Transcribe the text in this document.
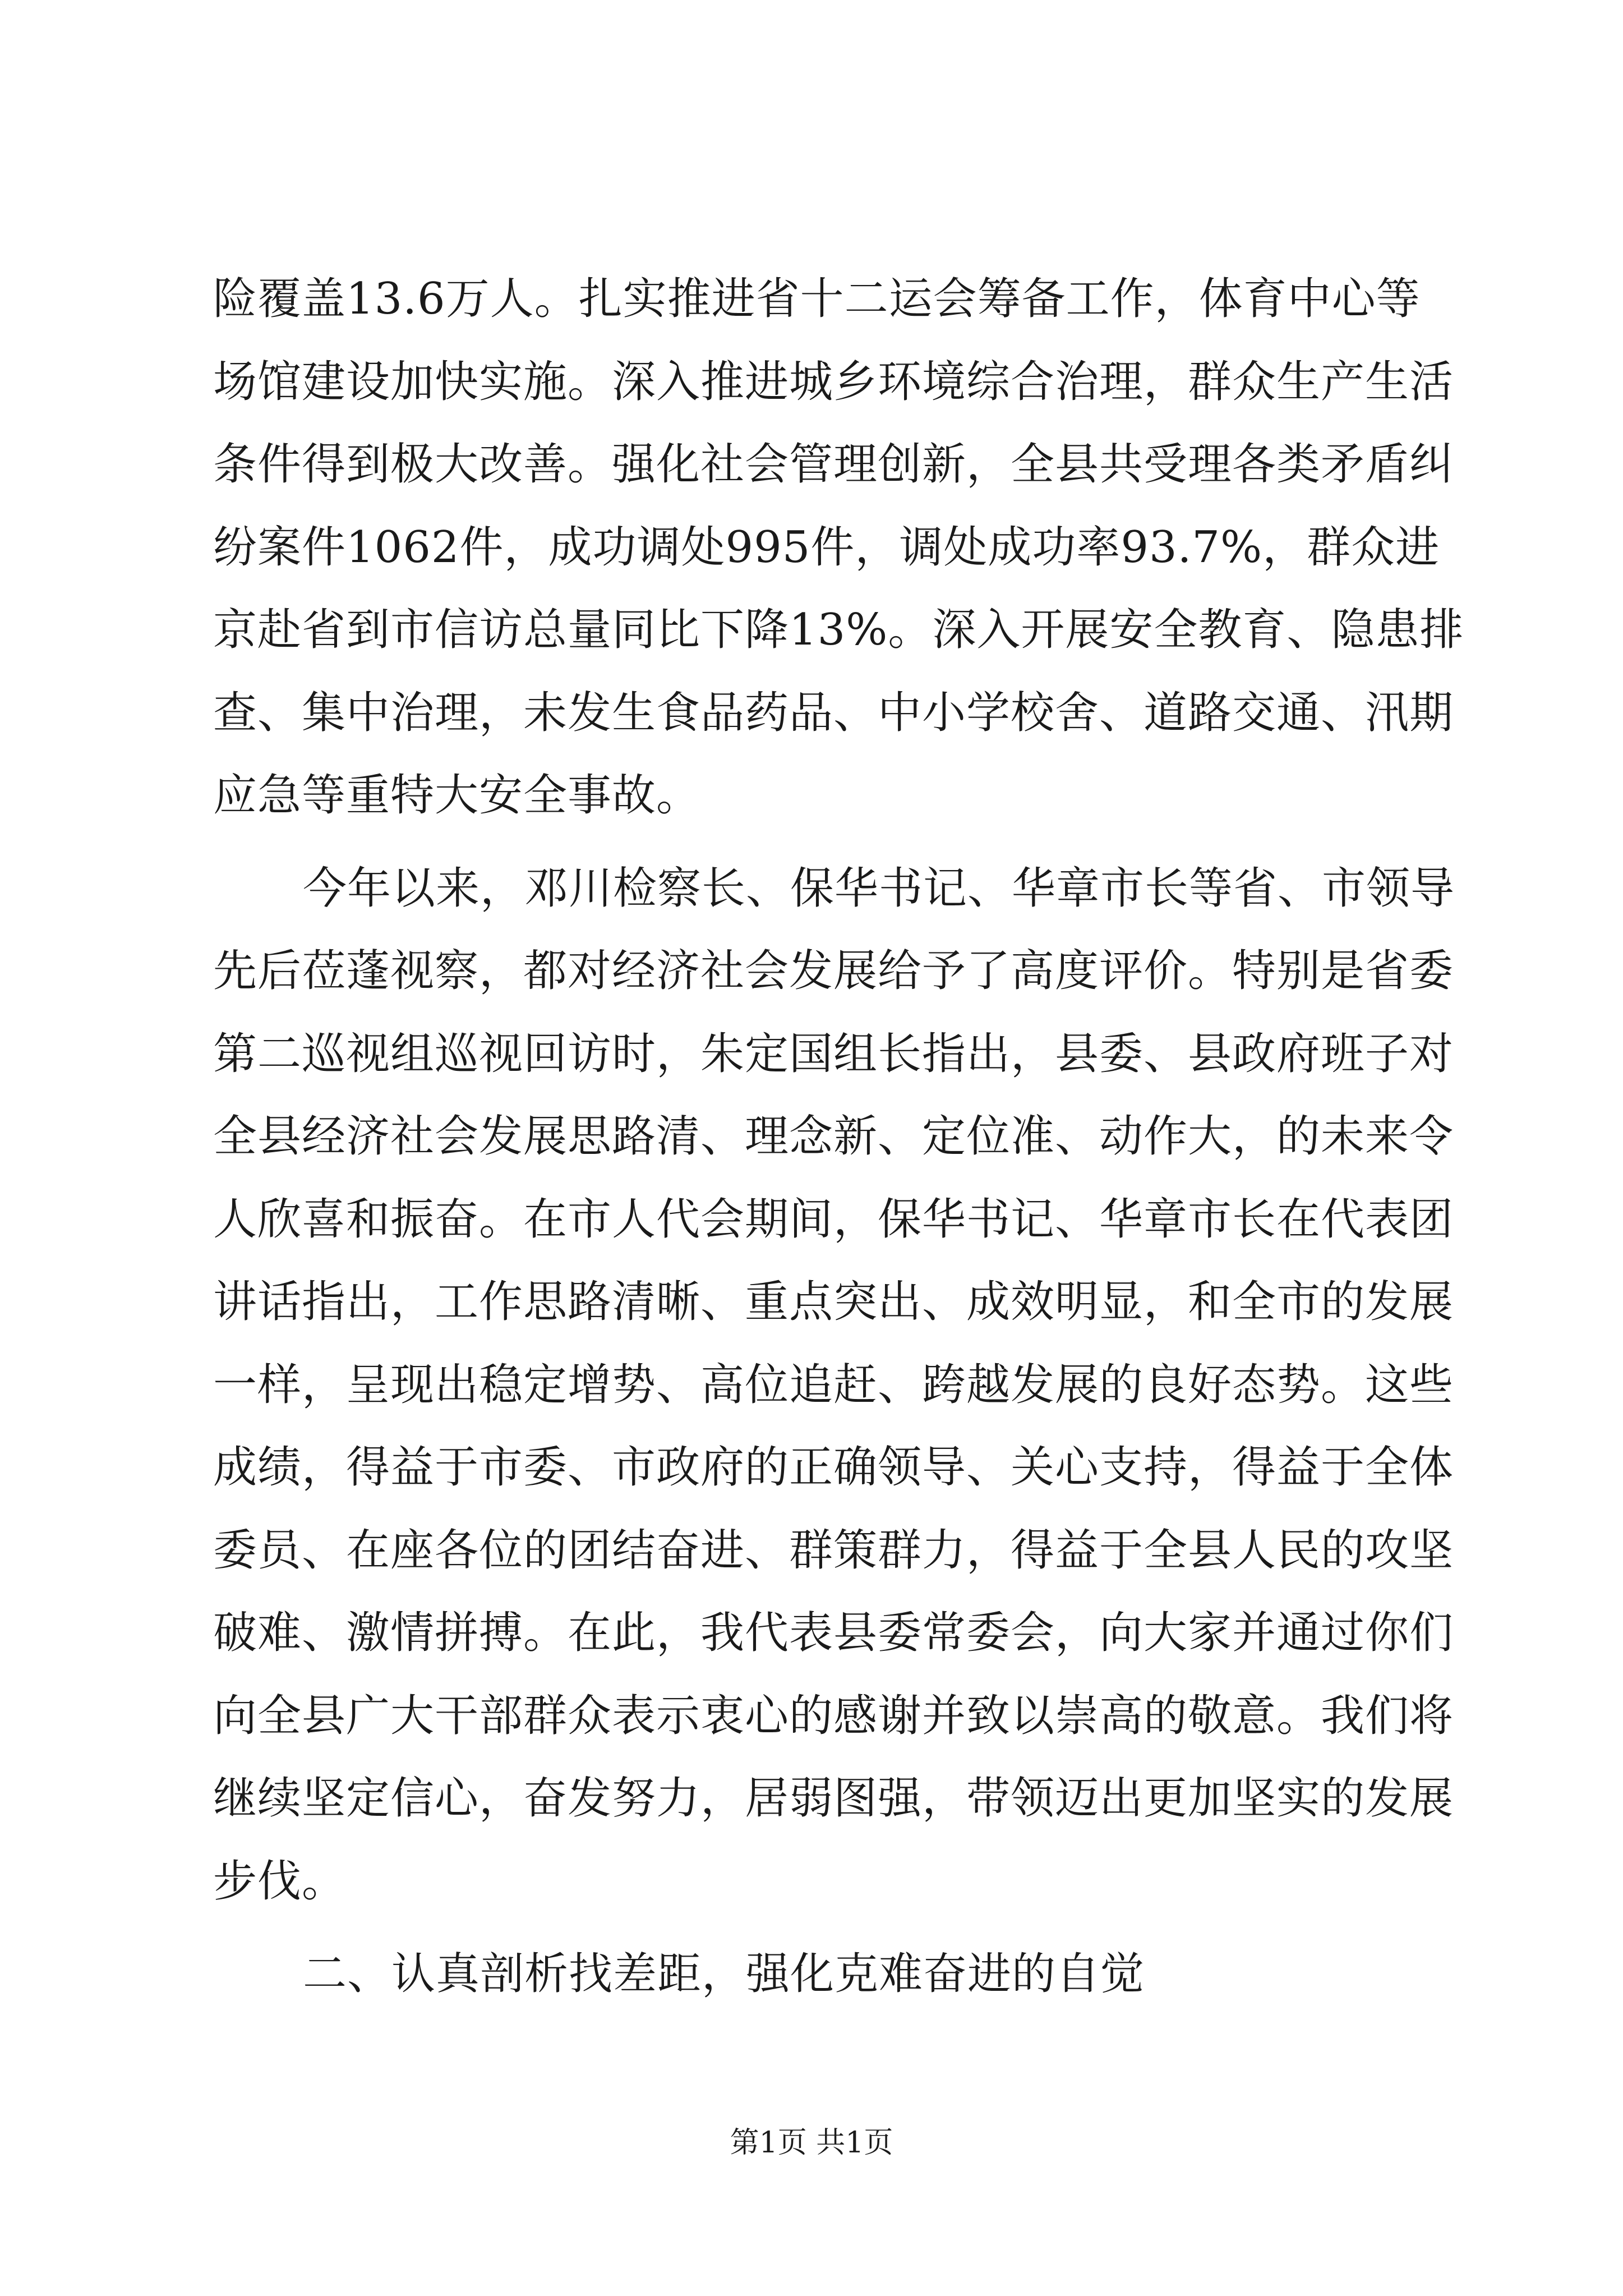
险覆盖13.6万人。扎实推进省十二运会筹备工作，体育中心等
场馆建设加快实施。深入推进城乡环境综合治理，群众生产生活
条件得到极大改善。强化社会管理创新，全县共受理各类矛盾纠
纷案件1062件，成功调处995件，调处成功率93.7%，群众进
京赴省到市信访总量同比下降13%。深入开展安全教育、隐患排
查、集中治理，未发生食品药品、中小学校舍、道路交通、汛期
应急等重特大安全事故。
今年以来，邓川检察长、保华书记、华章市长等省、市领导
先后莅蓬视察，都对经济社会发展给予了高度评价。特别是省委
第二巡视组巡视回访时，朱定国组长指出，县委、县政府班子对
全县经济社会发展思路清、理念新、定位准、动作大，的未来令
人欣喜和振奋。在市人代会期间，保华书记、华章市长在代表团
讲话指出，工作思路清晰、重点突出、成效明显，和全市的发展
一样，呈现出稳定增势、高位追赶、跨越发展的良好态势。这些
成绩，得益于市委、市政府的正确领导、关心支持，得益于全体
委员、在座各位的团结奋进、群策群力，得益于全县人民的攻坚
破难、激情拼搏。在此，我代表县委常委会，向大家并通过你们
向全县广大干部群众表示衷心的感谢并致以崇高的敬意。我们将
继续坚定信心，奋发努力，居弱图强，带领迈出更加坚实的发展
步伐。
二、认真剖析找差距，强化克难奋进的自觉
第1页 共1页
